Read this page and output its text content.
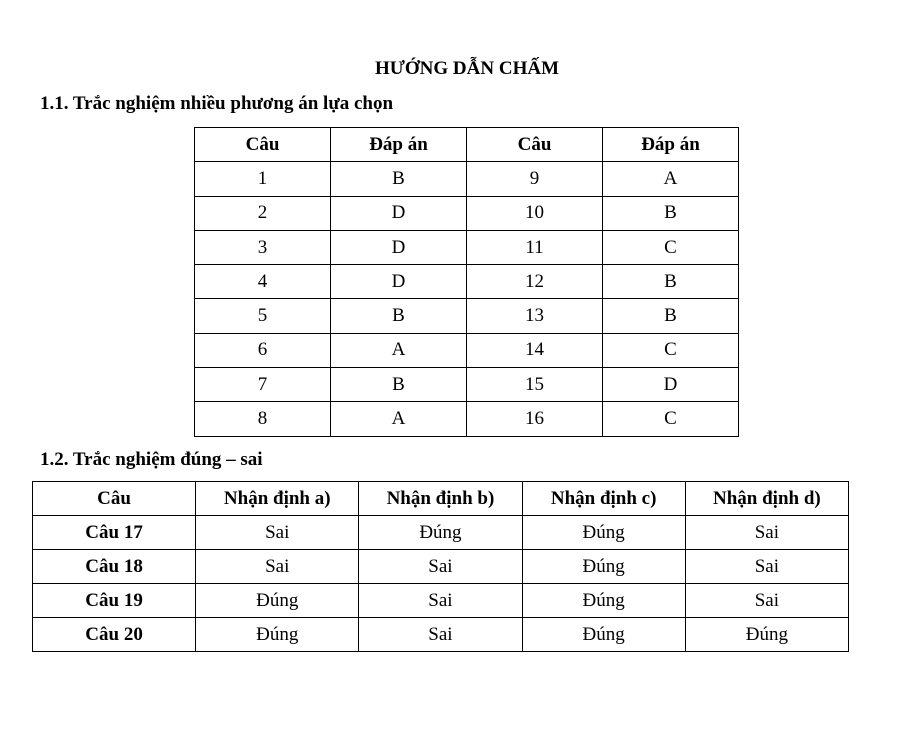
HƯỚNG DẪN CHẤM
1.1. Trắc nghiệm nhiều phương án lựa chọn
Câu	Đáp án	Câu	Đáp án
1	B	9	A
2	D	10	B
3	D	11	C
4	D	12	B
5	B	13	B
6	A	14	C
7	B	15	D
8	A	16	C
1.2. Trắc nghiệm đúng – sai
Câu	Nhận định a)	Nhận định b)	Nhận định c)	Nhận định d)
Câu 17	Sai	Đúng	Đúng	Sai
Câu 18	Sai	Sai	Đúng	Sai
Câu 19	Đúng	Sai	Đúng	Sai
Câu 20	Đúng	Sai	Đúng	Đúng
